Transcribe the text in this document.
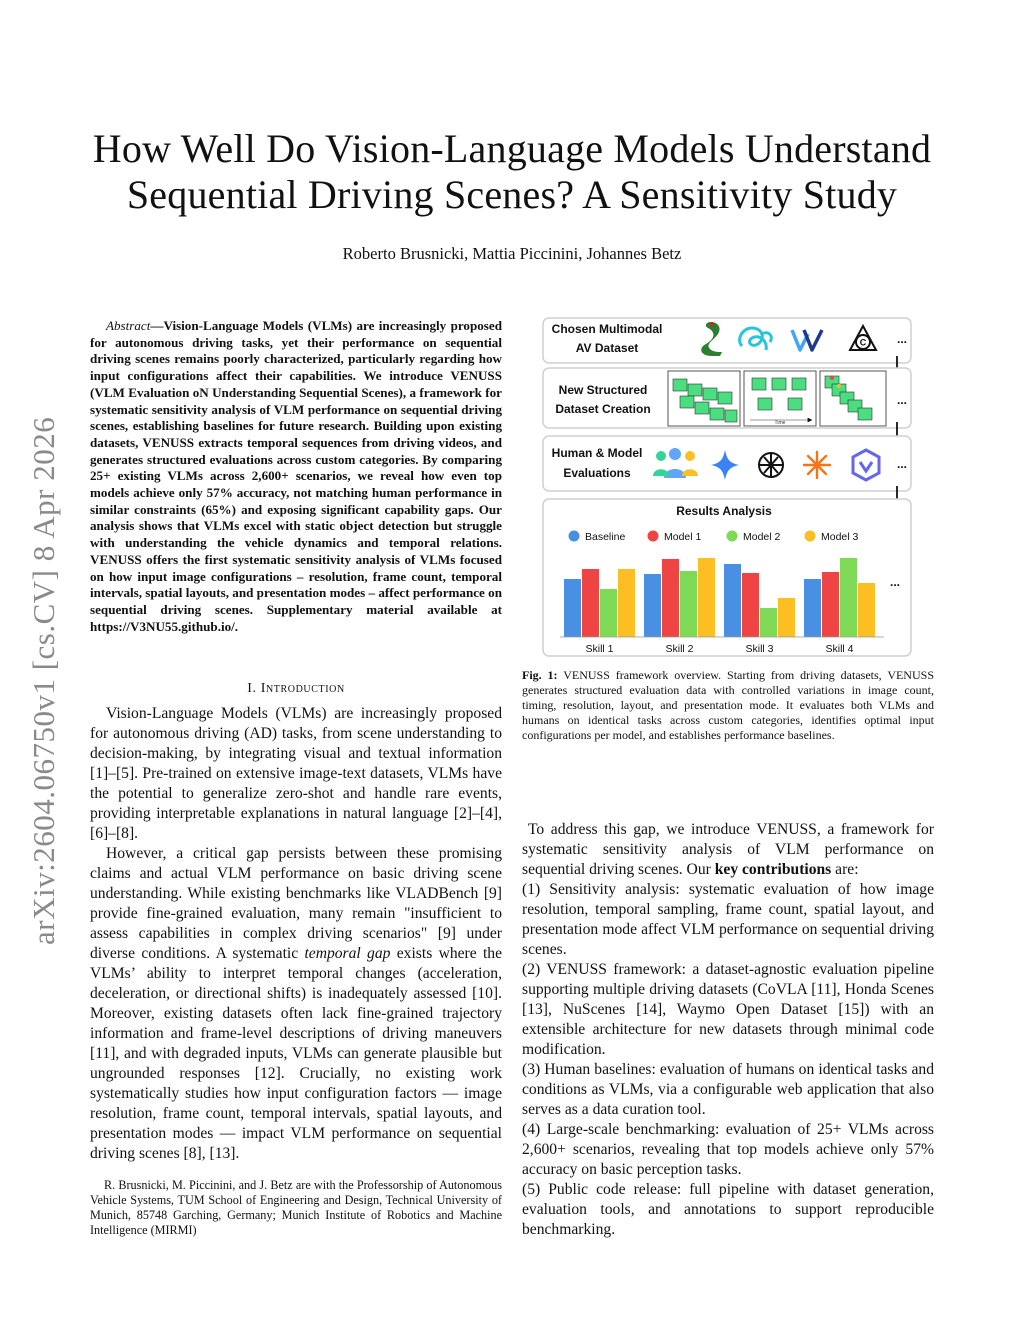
How Well Do Vision-Language Models Understand
Sequential Driving Scenes? A Sensitivity Study
Roberto Brusnicki, Mattia Piccinini, Johannes Betz
arXiv:2604.06750v1 [cs.CV] 8 Apr 2026

Abstract—Vision-Language Models (VLMs) are increasingly proposed for autonomous driving tasks, yet their performance on sequential driving scenes remains poorly characterized, particularly regarding how input configurations affect their capabilities. We introduce VENUSS (VLM Evaluation oN Understanding Sequential Scenes), a framework for systematic sensitivity analysis of VLM performance on sequential driving scenes, establishing baselines for future research. Building upon existing datasets, VENUSS extracts temporal sequences from driving videos, and generates structured evaluations across custom categories. By comparing 25+ existing VLMs across 2,600+ scenarios, we reveal how even top models achieve only 57% accuracy, not matching human performance in similar constraints (65%) and exposing significant capability gaps. Our analysis shows that VLMs excel with static object detection but struggle with understanding the vehicle dynamics and temporal relations. VENUSS offers the first systematic sensitivity analysis of VLMs focused on how input image configurations – resolution, frame count, temporal intervals, spatial layouts, and presentation modes – affect performance on sequential driving scenes. Supplementary material available at https://V3NU55.github.io/.

I. Introduction

Vision-Language Models (VLMs) are increasingly proposed for autonomous driving (AD) tasks, from scene understanding to decision-making, by integrating visual and textual information [1]–[5]. Pre-trained on extensive image-text datasets, VLMs have the potential to generalize zero-shot and handle rare events, providing interpretable explanations in natural language [2]–[4], [6]–[8].

However, a critical gap persists between these promising claims and actual VLM performance on basic driving scene understanding. While existing benchmarks like VLADBench [9] provide fine-grained evaluation, many remain "insufficient to assess capabilities in complex driving scenarios" [9] under diverse conditions. A systematic temporal gap exists where the VLMs’ ability to interpret temporal changes (acceleration, deceleration, or directional shifts) is inadequately assessed [10]. Moreover, existing datasets often lack fine-grained trajectory information and frame-level descriptions of driving maneuvers [11], and with degraded inputs, VLMs can generate plausible but ungrounded responses [12]. Crucially, no existing work systematically studies how input configuration factors — image resolution, frame count, temporal intervals, spatial layouts, and presentation modes — impact VLM performance on sequential driving scenes [8], [13].

R. Brusnicki, M. Piccinini, and J. Betz are with the Professorship of Autonomous Vehicle Systems, TUM School of Engineering and Design, Technical University of Munich, 85748 Garching, Germany; Munich Institute of Robotics and Machine Intelligence (MIRMI)

Chosen Multimodal
AV Dataset	C	...
New Structured
Dataset Creation
Time
...
Human & Model
Evaluations
...
Results Analysis
Baseline	Model 1	Model 2	Model 3
Skill 1	Skill 2	Skill 3	Skill 4
...

Fig. 1: VENUSS framework overview. Starting from driving datasets, VENUSS generates structured evaluation data with controlled variations in image count, timing, resolution, layout, and presentation mode. It evaluates both VLMs and humans on identical tasks across custom categories, identifies optimal input configurations per model, and establishes performance baselines.

To address this gap, we introduce VENUSS, a framework for systematic sensitivity analysis of VLM performance on sequential driving scenes. Our key contributions are:

(1) Sensitivity analysis: systematic evaluation of how image resolution, temporal sampling, frame count, spatial layout, and presentation mode affect VLM performance on sequential driving scenes.

(2) VENUSS framework: a dataset-agnostic evaluation pipeline supporting multiple driving datasets (CoVLA [11], Honda Scenes [13], NuScenes [14], Waymo Open Dataset [15]) with an extensible architecture for new datasets through minimal code modification.

(3) Human baselines: evaluation of humans on identical tasks and conditions as VLMs, via a configurable web application that also serves as a data curation tool.

(4) Large-scale benchmarking: evaluation of 25+ VLMs across 2,600+ scenarios, revealing that top models achieve only 57% accuracy on basic perception tasks.

(5) Public code release: full pipeline with dataset generation, evaluation tools, and annotations to support reproducible benchmarking.
